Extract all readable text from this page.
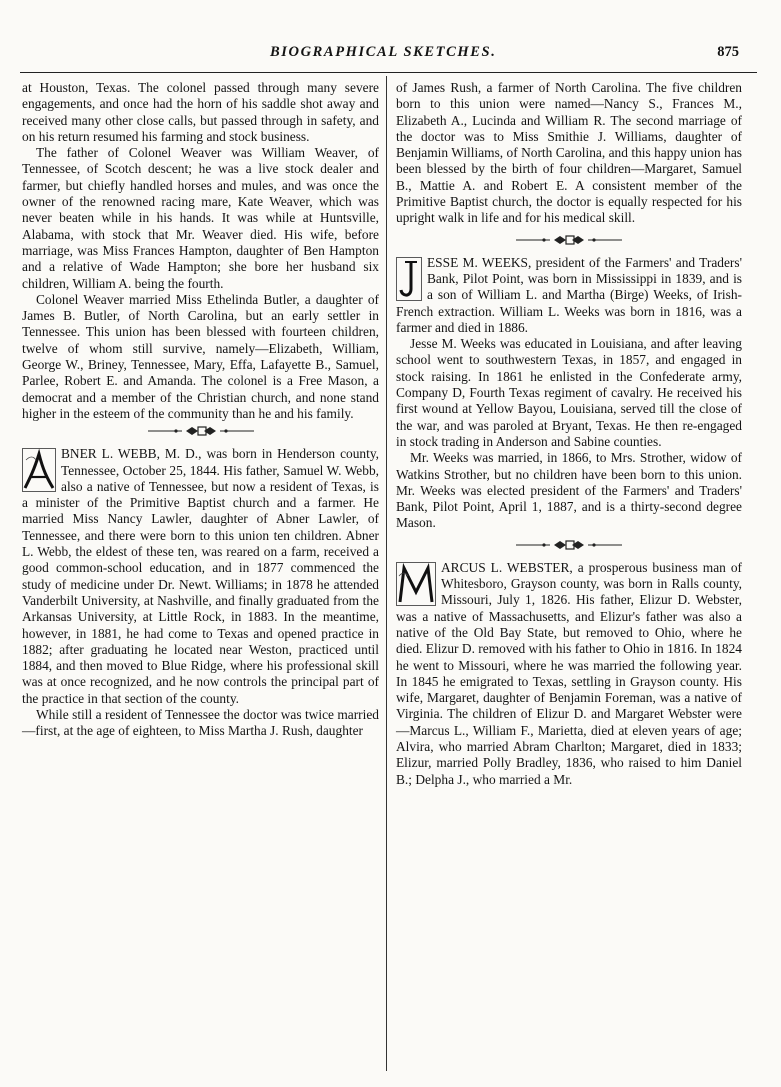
BIOGRAPHICAL SKETCHES.	875

at Houston, Texas. The colonel passed through many severe engagements, and once had the horn of his saddle shot away and received many other close calls, but passed through in safety, and on his return resumed his farming and stock business.

The father of Colonel Weaver was William Weaver, of Tennessee, of Scotch descent; he was a live stock dealer and farmer, but chiefly handled horses and mules, and was once the owner of the renowned racing mare, Kate Weaver, which was never beaten while in his hands. It was while at Huntsville, Alabama, with stock that Mr. Weaver died. His wife, before marriage, was Miss Frances Hampton, daughter of Ben Hampton and a relative of Wade Hampton; she bore her husband six children, William A. being the fourth.

Colonel Weaver married Miss Ethelinda Butler, a daughter of James B. Butler, of North Carolina, but an early settler in Tennessee. This union has been blessed with fourteen children, twelve of whom still survive, namely—Elizabeth, William, George W., Briney, Tennessee, Mary, Effa, Lafayette B., Samuel, Parlee, Robert E. and Amanda. The colonel is a Free Mason, a democrat and a member of the Christian church, and none stand higher in the esteem of the community than he and his family.

BNER L. WEBB, M. D., was born in Henderson county, Tennessee, October 25, 1844. His father, Samuel W. Webb, also a native of Tennessee, but now a resident of Texas, is a minister of the Primitive Baptist church and a farmer. He married Miss Nancy Lawler, daughter of Abner Lawler, of Tennessee, and there were born to this union ten children. Abner L. Webb, the eldest of these ten, was reared on a farm, received a good common-school education, and in 1877 commenced the study of medicine under Dr. Newt. Williams; in 1878 he attended Vanderbilt University, at Nashville, and finally graduated from the Arkansas University, at Little Rock, in 1883. In the meantime, however, in 1881, he had come to Texas and opened practice in 1882; after graduating he located near Weston, practiced until 1884, and then moved to Blue Ridge, where his professional skill was at once recognized, and he now controls the principal part of the practice in that section of the county.

While still a resident of Tennessee the doctor was twice married—first, at the age of eighteen, to Miss Martha J. Rush, daughter

of James Rush, a farmer of North Carolina. The five children born to this union were named—Nancy S., Frances M., Elizabeth A., Lucinda and William R. The second marriage of the doctor was to Miss Smithie J. Williams, daughter of Benjamin Williams, of North Carolina, and this happy union has been blessed by the birth of four children—Margaret, Samuel B., Mattie A. and Robert E. A consistent member of the Primitive Baptist church, the doctor is equally respected for his upright walk in life and for his medical skill.

ESSE M. WEEKS, president of the Farmers' and Traders' Bank, Pilot Point, was born in Mississippi in 1839, and is a son of William L. and Martha (Birge) Weeks, of Irish-French extraction. William L. Weeks was born in 1816, was a farmer and died in 1886.

Jesse M. Weeks was educated in Louisiana, and after leaving school went to southwestern Texas, in 1857, and engaged in stock raising. In 1861 he enlisted in the Confederate army, Company D, Fourth Texas regiment of cavalry. He received his first wound at Yellow Bayou, Louisiana, served till the close of the war, and was paroled at Bryant, Texas. He then re-engaged in stock trading in Anderson and Sabine counties.

Mr. Weeks was married, in 1866, to Mrs. Strother, widow of Watkins Strother, but no children have been born to this union. Mr. Weeks was elected president of the Farmers' and Traders' Bank, Pilot Point, April 1, 1887, and is a thirty-second degree Mason.

ARCUS L. WEBSTER, a prosperous business man of Whitesboro, Grayson county, was born in Ralls county, Missouri, July 1, 1826. His father, Elizur D. Webster, was a native of Massachusetts, and Elizur's father was also a native of the Old Bay State, but removed to Ohio, where he died. Elizur D. removed with his father to Ohio in 1816. In 1824 he went to Missouri, where he was married the following year. In 1845 he emigrated to Texas, settling in Grayson county. His wife, Margaret, daughter of Benjamin Foreman, was a native of Virginia. The children of Elizur D. and Margaret Webster were—Marcus L., William F., Marietta, died at eleven years of age; Alvira, who married Abram Charlton; Margaret, died in 1833; Elizur, married Polly Bradley, 1836, who raised to him Daniel B.; Delpha J., who married a Mr.
